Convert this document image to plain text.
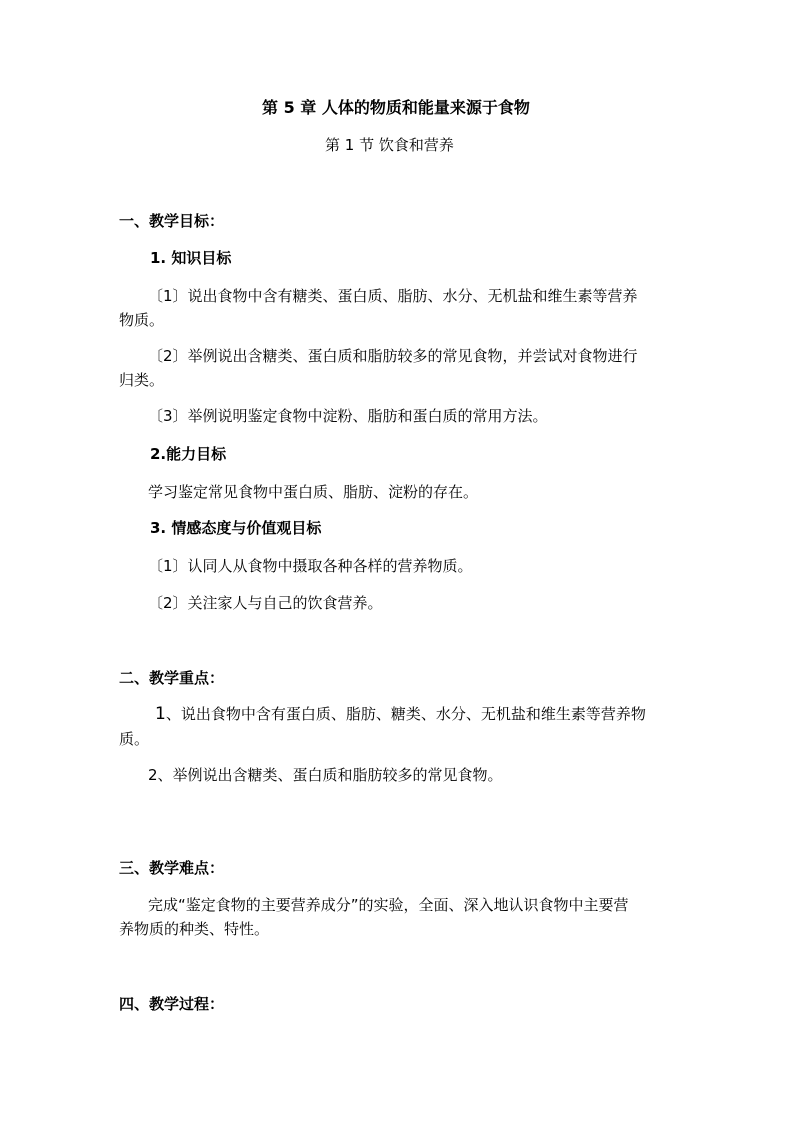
第 5 章 人体的物质和能量来源于食物
第 1 节 饮食和营养
一、教学目标：
1. 知识目标
〔1〕说出食物中含有糖类、蛋白质、脂肪、水分、无机盐和维生素等营养
物质。
〔2〕举例说出含糖类、蛋白质和脂肪较多的常见食物，并尝试对食物进行
归类。
〔3〕举例说明鉴定食物中淀粉、脂肪和蛋白质的常用方法。
2.能力目标
学习鉴定常见食物中蛋白质、脂肪、淀粉的存在。
3. 情感态度与价值观目标
〔1〕认同人从食物中摄取各种各样的营养物质。
〔2〕关注家人与自己的饮食营养。
二、教学重点：
1、说出食物中含有蛋白质、脂肪、糖类、水分、无机盐和维生素等营养物
质。
2、举例说出含糖类、蛋白质和脂肪较多的常见食物。
三、教学难点：
完成“鉴定食物的主要营养成分”的实验，全面、深入地认识食物中主要营
养物质的种类、特性。
四、教学过程：
